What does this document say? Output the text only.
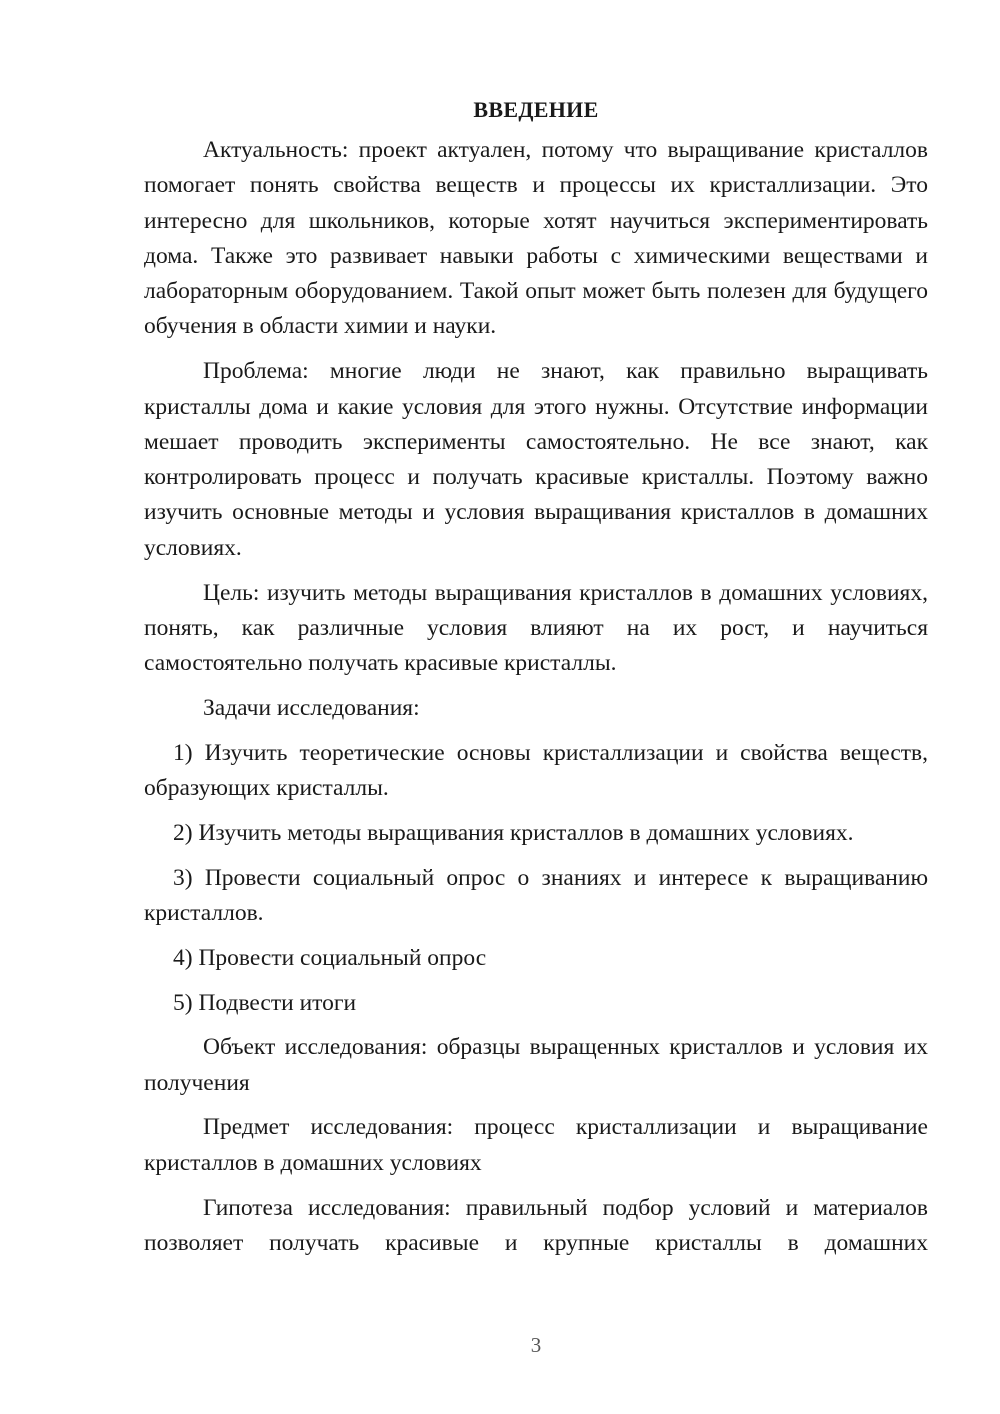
ВВЕДЕНИЕ

Актуальность: проект актуален, потому что выращивание кристаллов помогает понять свойства веществ и процессы их кристаллизации. Это интересно для школьников, которые хотят научиться экспериментировать дома. Также это развивает навыки работы с химическими веществами и лабораторным оборудованием. Такой опыт может быть полезен для будущего обучения в области химии и науки.

Проблема: многие люди не знают, как правильно выращивать кристаллы дома и какие условия для этого нужны. Отсутствие информации мешает проводить эксперименты самостоятельно. Не все знают, как контролировать процесс и получать красивые кристаллы. Поэтому важно изучить основные методы и условия выращивания кристаллов в домашних условиях.

Цель: изучить методы выращивания кристаллов в домашних условиях, понять, как различные условия влияют на их рост, и научиться самостоятельно получать красивые кристаллы.

Задачи исследования:

1) Изучить теоретические основы кристаллизации и свойства веществ, образующих кристаллы.

2) Изучить методы выращивания кристаллов в домашних условиях.

3) Провести социальный опрос о знаниях и интересе к выращиванию кристаллов.

4) Провести социальный опрос

5) Подвести итоги

Объект исследования: образцы выращенных кристаллов и условия их получения

Предмет исследования: процесс кристаллизации и выращивание кристаллов в домашних условиях

Гипотеза исследования: правильный подбор условий и материалов позволяет получать красивые и крупные кристаллы в домашних

3
